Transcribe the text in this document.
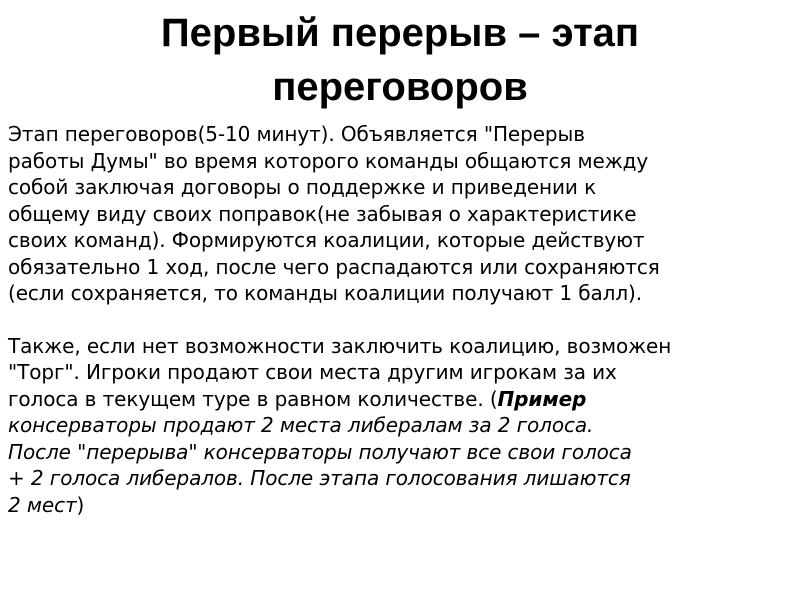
Первый перерыв – этап
переговоров

Этап переговоров(5-10 минут). Объявляется "Перерыв
работы Думы" во время которого команды общаются между
собой заключая договоры о поддержке и приведении к
общему виду своих поправок(не забывая о характеристике
своих команд). Формируются коалиции, которые действуют
обязательно 1 ход, после чего распадаются или сохраняются
(если сохраняется, то команды коалиции получают 1 балл).

Также, если нет возможности заключить коалицию, возможен
"Торг". Игроки продают свои места другим игрокам за их
голоса в текущем туре в равном количестве. (Пример
консерваторы продают 2 места либералам за 2 голоса.
После "перерыва" консерваторы получают все свои голоса
+ 2 голоса либералов. После этапа голосования лишаются
2 мест)
